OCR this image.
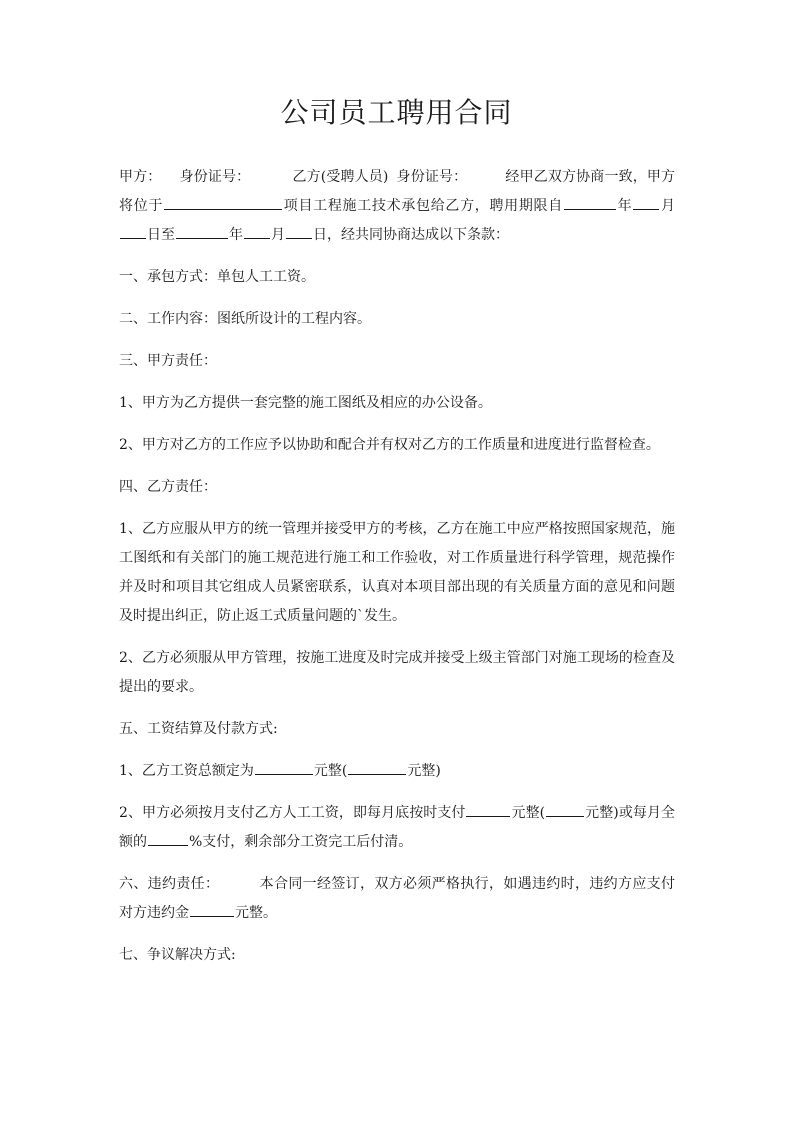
公司员工聘用合同

甲方： 身份证号：	乙方(受聘人员) 身份证号：	经甲乙双方协商一致，甲方将位于	项目工程施工技术承包给乙方，聘用期限自	年 月日至	年 月 日，经共同协商达成以下条款：

一、承包方式：单包人工工资。

二、工作内容：图纸所设计的工程内容。

三、甲方责任：

1、甲方为乙方提供一套完整的施工图纸及相应的办公设备。

2、甲方对乙方的工作应予以协助和配合并有权对乙方的工作质量和进度进行监督检查。

四、乙方责任：

1、乙方应服从甲方的统一管理并接受甲方的考核，乙方在施工中应严格按照国家规范，施工图纸和有关部门的施工规范进行施工和工作验收，对工作质量进行科学管理，规范操作并及时和项目其它组成人员紧密联系，认真对本项目部出现的有关质量方面的意见和问题及时提出纠正，防止返工式质量问题的`发生。

2、乙方必须服从甲方管理，按施工进度及时完成并接受上级主管部门对施工现场的检查及提出的要求。

五、工资结算及付款方式:

1、乙方工资总额定为	元整(	元整)

2、甲方必须按月支付乙方人工工资，即每月底按时支付	元整(	元整)或每月全额的	%支付，剩余部分工资完工后付清。

六、违约责任：	本合同一经签订，双方必须严格执行，如遇违约时，违约方应支付对方违约金	元整。

七、争议解决方式:
